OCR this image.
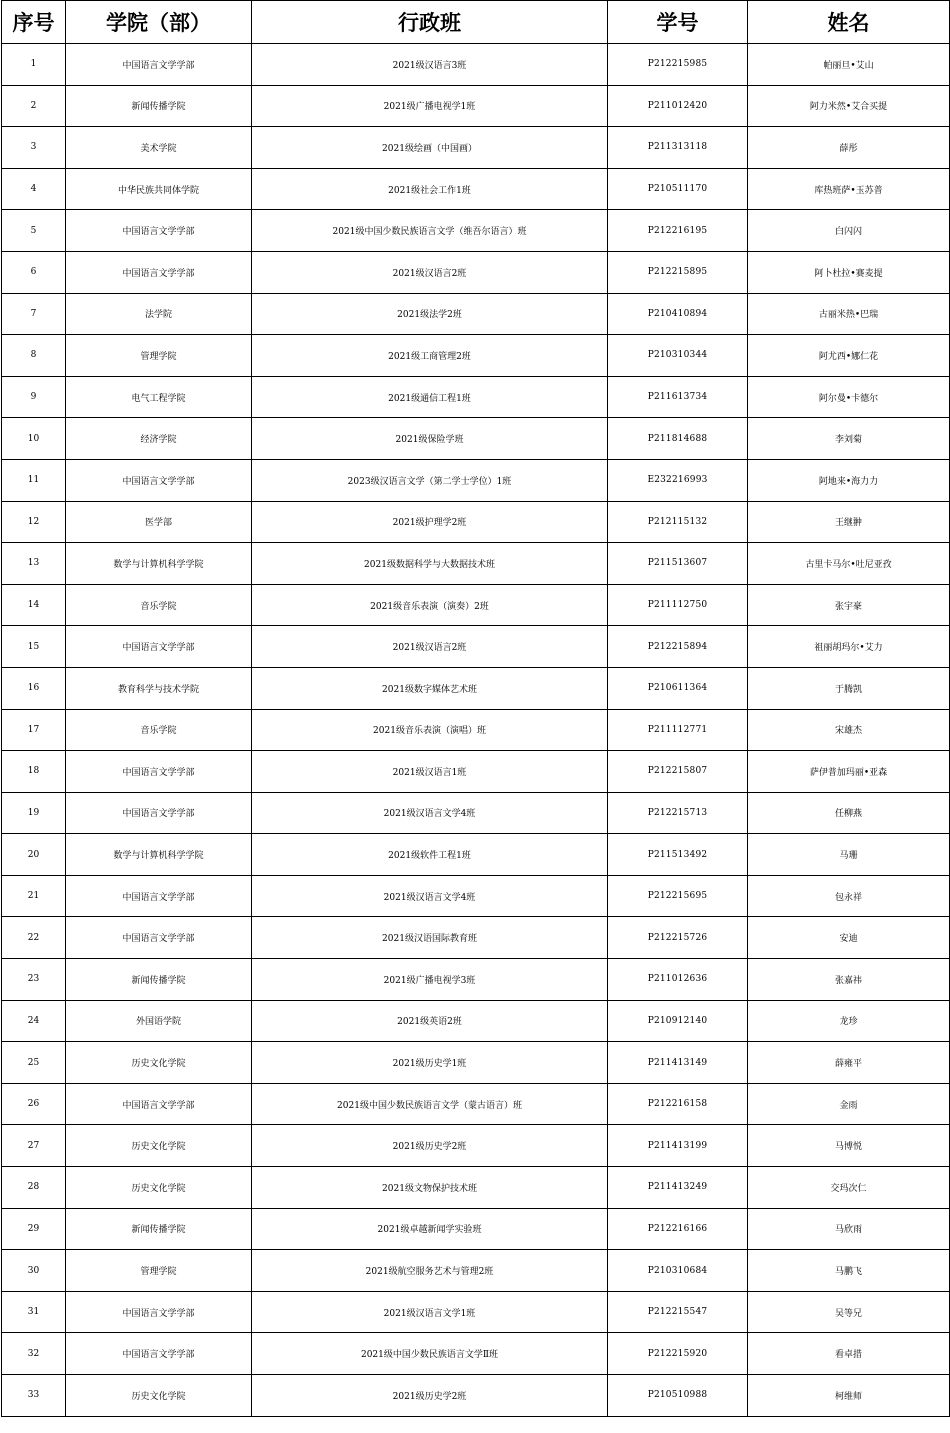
序号	学院（部）	行政班	学号	姓名
1	中国语言文学学部	2021级汉语言3班	P212215985	帕丽旦•艾山
2	新闻传播学院	2021级广播电视学1班	P211012420	阿力米然•艾合买提
3	美术学院	2021级绘画（中国画）	P211313118	薛彤
4	中华民族共同体学院	2021级社会工作1班	P210511170	库热班萨•玉苏普
5	中国语言文学学部	2021级中国少数民族语言文学（维吾尔语言）班	P212216195	白闪闪
6	中国语言文学学部	2021级汉语言2班	P212215895	阿卜杜拉•赛麦提
7	法学院	2021级法学2班	P210410894	古丽米热•巴瑞
8	管理学院	2021级工商管理2班	P210310344	阿尤西•娜仁花
9	电气工程学院	2021级通信工程1班	P211613734	阿尔曼•卡德尔
10	经济学院	2021级保险学班	P211814688	李刘菊
11	中国语言文学学部	2023级汉语言文学（第二学士学位）1班	E232216993	阿地来•海力力
12	医学部	2021级护理学2班	P212115132	王继翀
13	数学与计算机科学学院	2021级数据科学与大数据技术班	P211513607	古里卡马尔•吐尼亚孜
14	音乐学院	2021级音乐表演（演奏）2班	P211112750	张宇豪
15	中国语言文学学部	2021级汉语言2班	P212215894	祖丽胡玛尔•艾力
16	教育科学与技术学院	2021级数字媒体艺术班	P210611364	于腾凯
17	音乐学院	2021级音乐表演（演唱）班	P211112771	宋雄杰
18	中国语言文学学部	2021级汉语言1班	P212215807	萨伊普加玛丽•亚森
19	中国语言文学学部	2021级汉语言文学4班	P212215713	任柳燕
20	数学与计算机科学学院	2021级软件工程1班	P211513492	马珊
21	中国语言文学学部	2021级汉语言文学4班	P212215695	包永祥
22	中国语言文学学部	2021级汉语国际教育班	P212215726	安迪
23	新闻传播学院	2021级广播电视学3班	P211012636	张嘉祎
24	外国语学院	2021级英语2班	P210912140	龙珍
25	历史文化学院	2021级历史学1班	P211413149	薛雍平
26	中国语言文学学部	2021级中国少数民族语言文学（蒙古语言）班	P212216158	金雨
27	历史文化学院	2021级历史学2班	P211413199	马博悦
28	历史文化学院	2021级文物保护技术班	P211413249	交玛次仁
29	新闻传播学院	2021级卓越新闻学实验班	P212216166	马欣雨
30	管理学院	2021级航空服务艺术与管理2班	P210310684	马鹏飞
31	中国语言文学学部	2021级汉语言文学1班	P212215547	吴等兄
32	中国语言文学学部	2021级中国少数民族语言文学Ⅱ班	P212215920	看卓措
33	历史文化学院	2021级历史学2班	P210510988	柯维师
